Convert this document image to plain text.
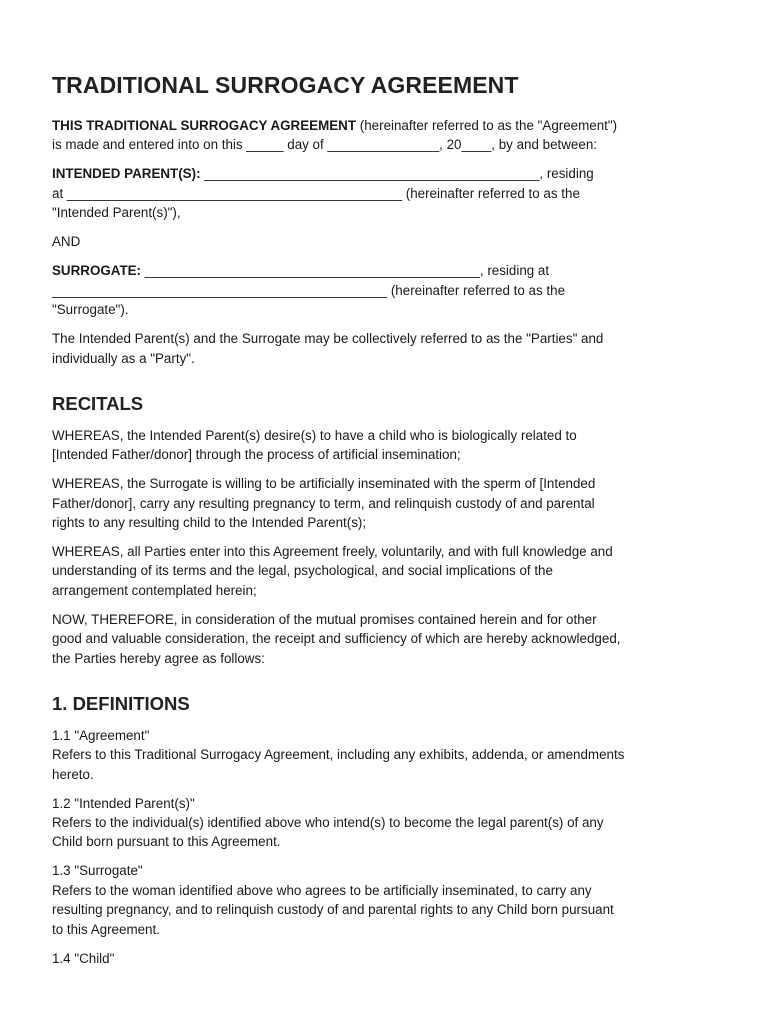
TRADITIONAL SURROGACY AGREEMENT

THIS TRADITIONAL SURROGACY AGREEMENT (hereinafter referred to as the "Agreement")
is made and entered into on this _____ day of _______________, 20____, by and between:

INTENDED PARENT(S): _____________________________________________, residing
at _____________________________________________ (hereinafter referred to as the
"Intended Parent(s)"),

AND

SURROGATE: _____________________________________________, residing at
_____________________________________________ (hereinafter referred to as the
"Surrogate").

The Intended Parent(s) and the Surrogate may be collectively referred to as the "Parties" and
individually as a "Party".

RECITALS

WHEREAS, the Intended Parent(s) desire(s) to have a child who is biologically related to
[Intended Father/donor] through the process of artificial insemination;

WHEREAS, the Surrogate is willing to be artificially inseminated with the sperm of [Intended
Father/donor], carry any resulting pregnancy to term, and relinquish custody of and parental
rights to any resulting child to the Intended Parent(s);

WHEREAS, all Parties enter into this Agreement freely, voluntarily, and with full knowledge and
understanding of its terms and the legal, psychological, and social implications of the
arrangement contemplated herein;

NOW, THEREFORE, in consideration of the mutual promises contained herein and for other
good and valuable consideration, the receipt and sufficiency of which are hereby acknowledged,
the Parties hereby agree as follows:

1. DEFINITIONS

1.1 "Agreement"
Refers to this Traditional Surrogacy Agreement, including any exhibits, addenda, or amendments
hereto.

1.2 "Intended Parent(s)"
Refers to the individual(s) identified above who intend(s) to become the legal parent(s) of any
Child born pursuant to this Agreement.

1.3 "Surrogate"
Refers to the woman identified above who agrees to be artificially inseminated, to carry any
resulting pregnancy, and to relinquish custody of and parental rights to any Child born pursuant
to this Agreement.

1.4 "Child"
